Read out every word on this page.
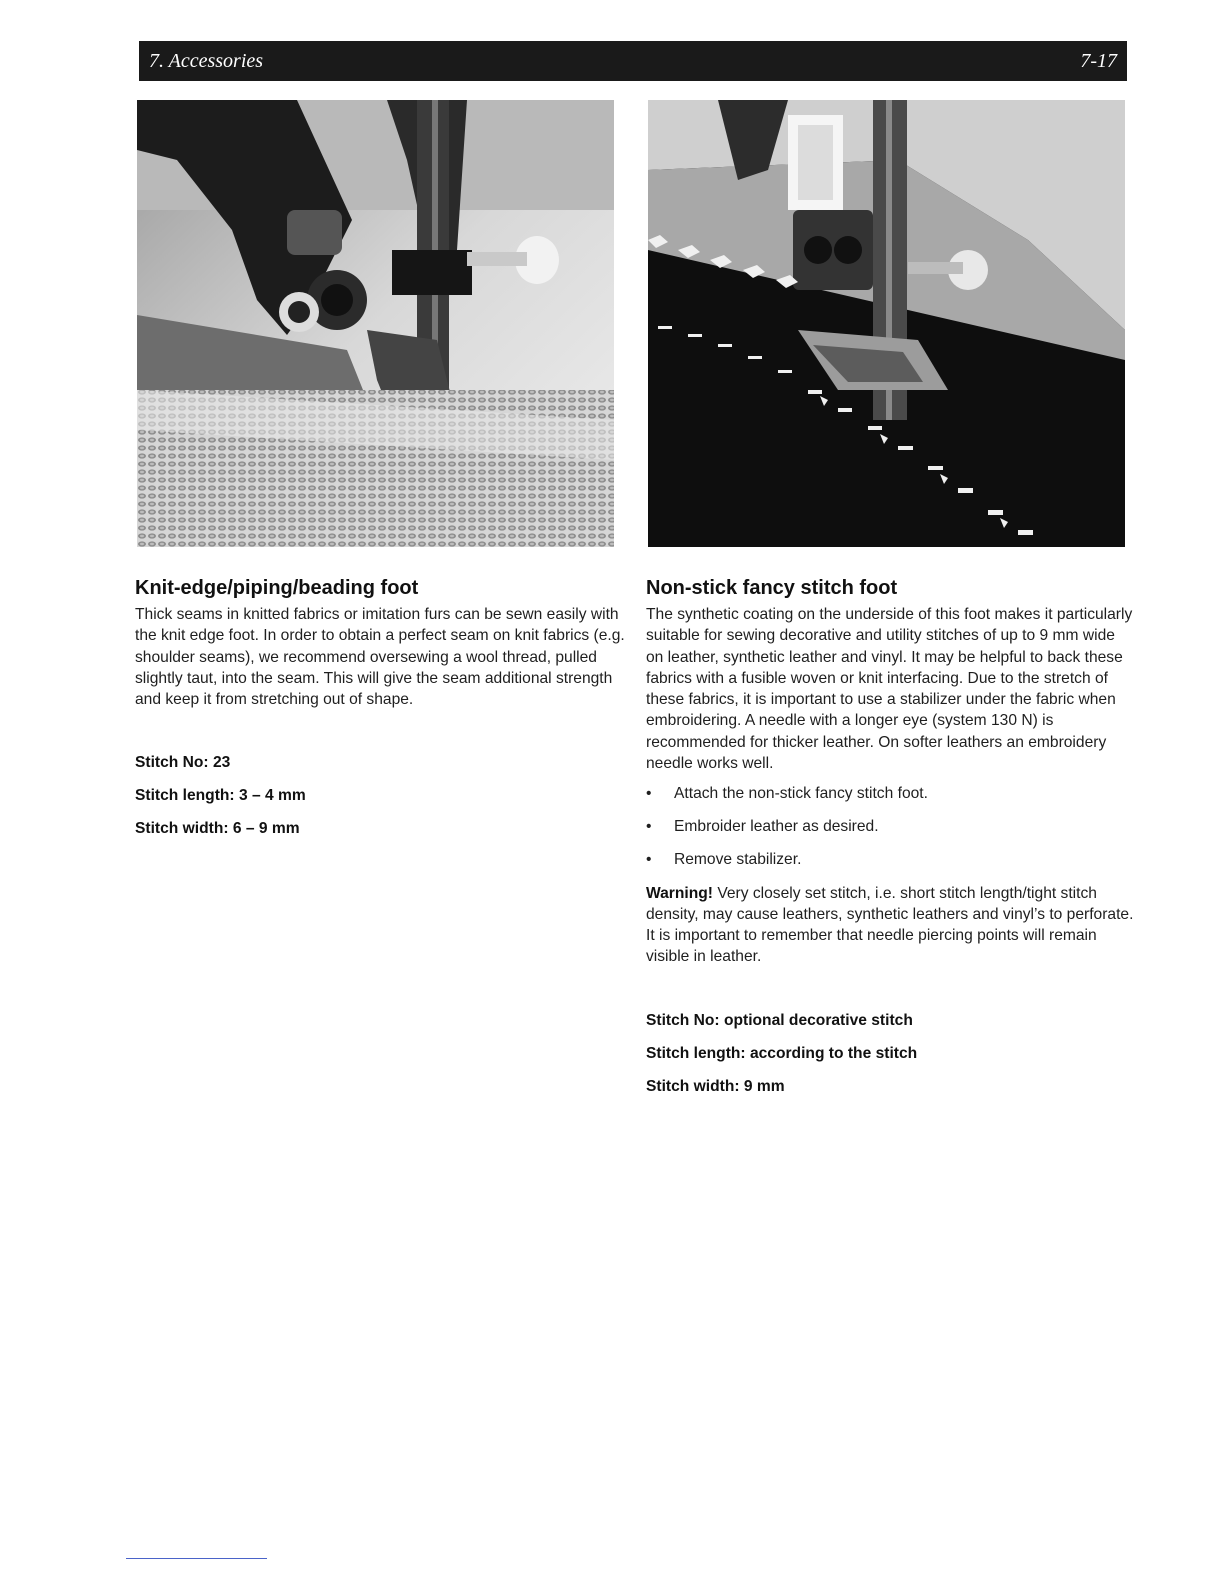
7. Accessories	7-17
Knit-edge/piping/beading foot

Thick seams in knitted fabrics or imitation furs can be sewn easily with the knit edge foot. In order to obtain a perfect seam on knit fabrics (e.g. shoulder seams), we recommend oversewing a wool thread, pulled slightly taut, into the seam. This will give the seam additional strength and keep it from stretching out of shape.

Stitch No: 23
Stitch length: 3 – 4 mm
Stitch width: 6 – 9 mm
Non-stick fancy stitch foot

The synthetic coating on the underside of this foot makes it particularly suitable for sewing decorative and utility stitches of up to 9 mm wide on leather, synthetic leather and vinyl. It may be helpful to back these fabrics with a fusible woven or knit interfacing. Due to the stretch of these fabrics, it is important to use a stabilizer under the fabric when embroidering. A needle with a longer eye (system 130 N) is recommended for thicker leather. On softer leathers an embroidery needle works well.

• Attach the non-stick fancy stitch foot.
• Embroider leather as desired.
• Remove stabilizer.

Warning! Very closely set stitch, i.e. short stitch length/tight stitch density, may cause leathers, synthetic leathers and vinyl’s to perforate. It is important to remember that needle piercing points will remain visible in leather.

Stitch No: optional decorative stitch
Stitch length: according to the stitch
Stitch width: 9 mm
